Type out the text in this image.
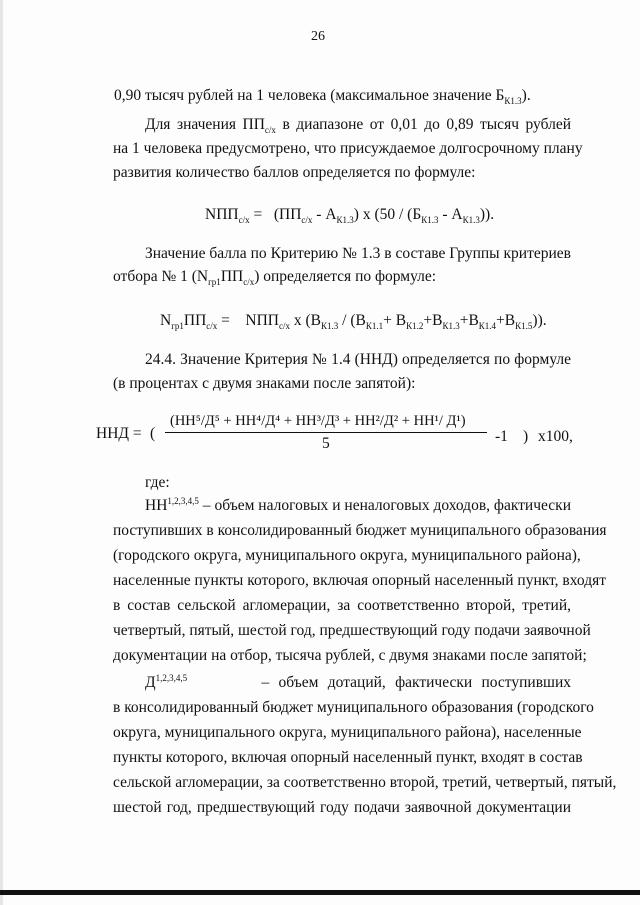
26
0,90 тысяч рублей на 1 человека (максимальное значение $Б_{К1.3}$).
Для значения $ПП_{с/х}$ в диапазоне от 0,01 до 0,89 тысяч рублей
на 1 человека предусмотрено, что присуждаемое долгосрочному плану
развития количество баллов определяется по формуле:
$NПП_{с/х} = (ПП_{с/х} - А_{К1.3})$ х $(50 / (Б_{К1.3} - А_{К1.3}))$.
Значение балла по Критерию № 1.3 в составе Группы критериев
отбора № 1 $(N_{гр1}ПП_{с/х})$ определяется по формуле:
$N_{гр1}ПП_{с/х} = NПП_{с/х}$ х $(В_{К1.3} / (В_{К1.1}+ В_{К1.2}+В_{К1.3}+В_{К1.4}+В_{К1.5}))$.
24.4. Значение Критерия № 1.4 (ННД) определяется по формуле
(в процентах с двумя знаками после запятой):
ННД = (
(НН⁵/Д⁵ + НН⁴/Д⁴ + НН³/Д³ + НН²/Д² + НН¹/ Д¹)
5	-1 ) х100,
где:
НН$^{1,2,3,4,5}$ – объем налоговых и неналоговых доходов, фактически
поступивших в консолидированный бюджет муниципального образования
(городского округа, муниципального округа, муниципального района),
населенные пункты которого, включая опорный населенный пункт, входят
в состав сельской агломерации, за соответственно второй, третий,
четвертый, пятый, шестой год, предшествующий году подачи заявочной
документации на отбор, тысяча рублей, с двумя знаками после запятой;
Д$^{1,2,3,4,5}$	– объем дотаций, фактически поступивших
в консолидированный бюджет муниципального образования (городского
округа, муниципального округа, муниципального района), населенные
пункты которого, включая опорный населенный пункт, входят в состав
сельской агломерации, за соответственно второй, третий, четвертый, пятый,
шестой год, предшествующий году подачи заявочной документации
